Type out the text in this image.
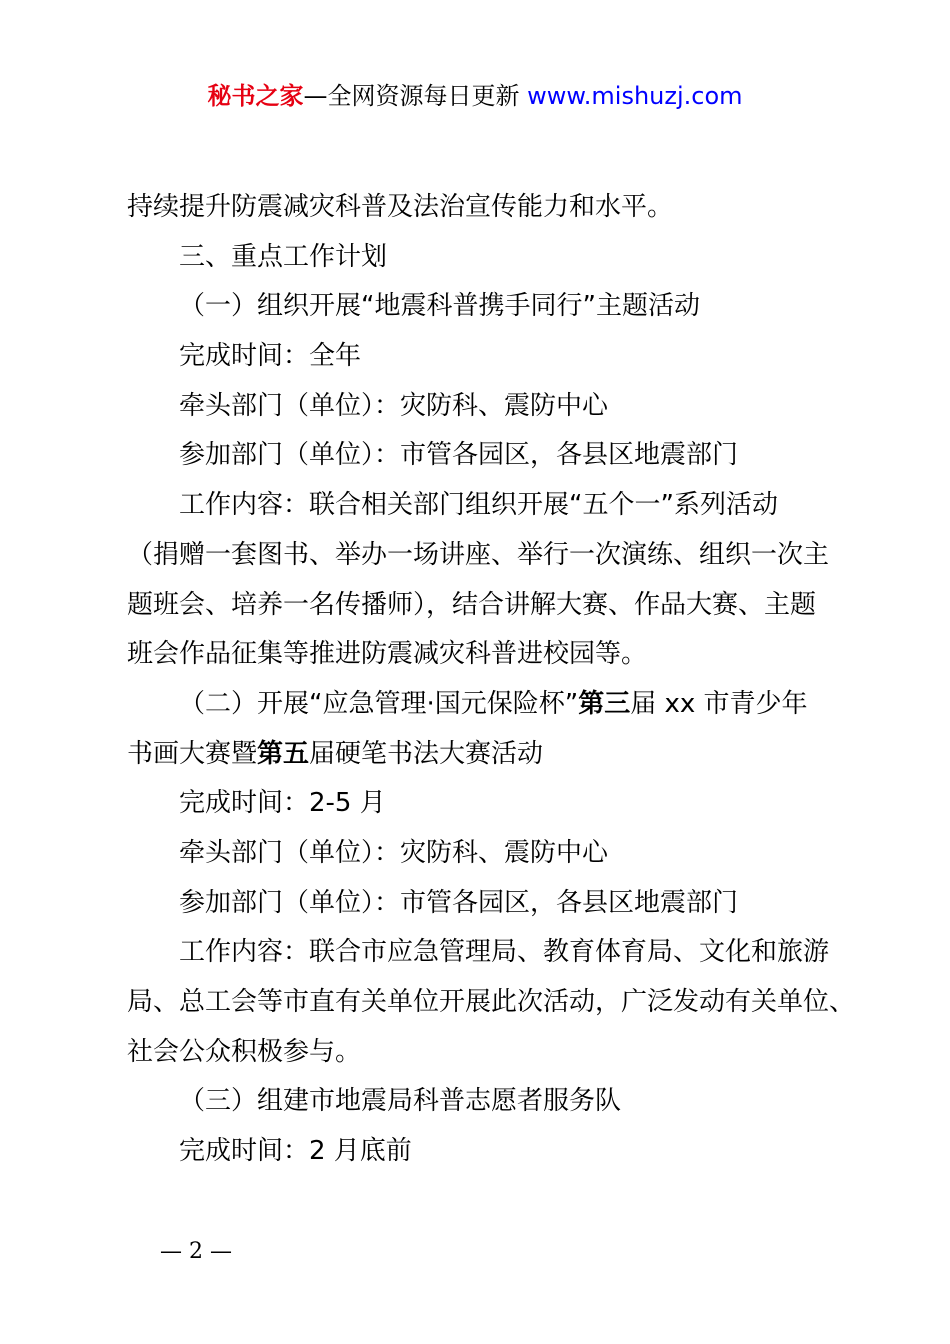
秘书之家—全网资源每日更新 www.mishuzj.com
持续提升防震减灾科普及法治宣传能力和水平。
三、重点工作计划
（一）组织开展“地震科普携手同行”主题活动
完成时间：全年
牵头部门（单位）：灾防科、震防中心
参加部门（单位）：市管各园区，各县区地震部门
工作内容：联合相关部门组织开展“五个一”系列活动
（捐赠一套图书、举办一场讲座、举行一次演练、组织一次主
题班会、培养一名传播师），结合讲解大赛、作品大赛、主题
班会作品征集等推进防震减灾科普进校园等。
（二）开展“应急管理·国元保险杯”第三届 xx 市青少年
书画大赛暨第五届硬笔书法大赛活动
完成时间：2-5 月
牵头部门（单位）：灾防科、震防中心
参加部门（单位）：市管各园区，各县区地震部门
工作内容：联合市应急管理局、教育体育局、文化和旅游
局、总工会等市直有关单位开展此次活动，广泛发动有关单位、
社会公众积极参与。
（三）组建市地震局科普志愿者服务队
完成时间：2 月底前
— 2 —
